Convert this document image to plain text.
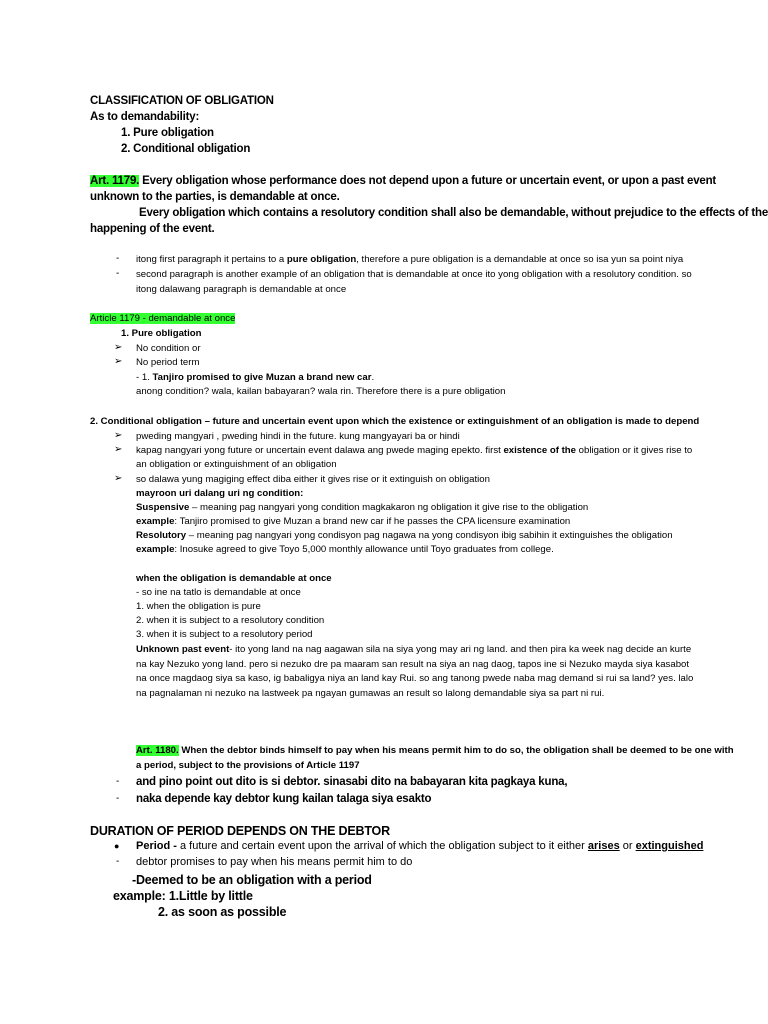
CLASSIFICATION OF OBLIGATION
As to demandability:
1. Pure obligation
2. Conditional obligation
Art. 1179. Every obligation whose performance does not depend upon a future or uncertain event, or upon a past event
unknown to the parties, is demandable at once.
Every obligation which contains a resolutory condition shall also be demandable, without prejudice to the effects of the
happening of the event.
- itong first paragraph it pertains to a pure obligation, therefore a pure obligation is a demandable at once so isa yun sa point niya
- second paragraph is another example of an obligation that is demandable at once ito yong obligation with a resolutory condition. so
itong dalawang paragraph is demandable at once
Article 1179 - demandable at once
1. Pure obligation
➢ No condition or
➢ No period term
- 1. Tanjiro promised to give Muzan a brand new car.
anong condition? wala, kailan babayaran? wala rin. Therefore there is a pure obligation
2. Conditional obligation – future and uncertain event upon which the existence or extinguishment of an obligation is made to depend
➢ pweding mangyari , pweding hindi in the future. kung mangyayari ba or hindi
➢ kapag nangyari yong future or uncertain event dalawa ang pwede maging epekto. first existence of the obligation or it gives rise to
an obligation or extinguishment of an obligation
➢ so dalawa yung magiging effect diba either it gives rise or it extinguish on obligation
mayroon uri dalang uri ng condition:
Suspensive – meaning pag nangyari yong condition magkakaron ng obligation it give rise to the obligation
example: Tanjiro promised to give Muzan a brand new car if he passes the CPA licensure examination
Resolutory – meaning pag nangyari yong condisyon pag nagawa na yong condisyon ibig sabihin it extinguishes the obligation
example: Inosuke agreed to give Toyo 5,000 monthly allowance until Toyo graduates from college.
when the obligation is demandable at once
- so ine na tatlo is demandable at once
1. when the obligation is pure
2. when it is subject to a resolutory condition
3. when it is subject to a resolutory period
Unknown past event- ito yong land na nag aagawan sila na siya yong may ari ng land. and then pira ka week nag decide an kurte
na kay Nezuko yong land. pero si nezuko dre pa maaram san result na siya an nag daog, tapos ine si Nezuko mayda siya kasabot
na once magdaog siya sa kaso, ig babaligya niya an land kay Rui. so ang tanong pwede naba mag demand si rui sa land? yes. lalo
na pagnalaman ni nezuko na lastweek pa ngayan gumawas an result so lalong demandable siya sa part ni rui.
Art. 1180. When the debtor binds himself to pay when his means permit him to do so, the obligation shall be deemed to be one with
a period, subject to the provisions of Article 1197
- and pino point out dito is si debtor. sinasabi dito na babayaran kita pagkaya kuna,
- naka depende kay debtor kung kailan talaga siya esakto
DURATION OF PERIOD DEPENDS ON THE DEBTOR
● Period - a future and certain event upon the arrival of which the obligation subject to it either arises or extinguished
- debtor promises to pay when his means permit him to do
-Deemed to be an obligation with a period
example: 1.Little by little
2. as soon as possible
